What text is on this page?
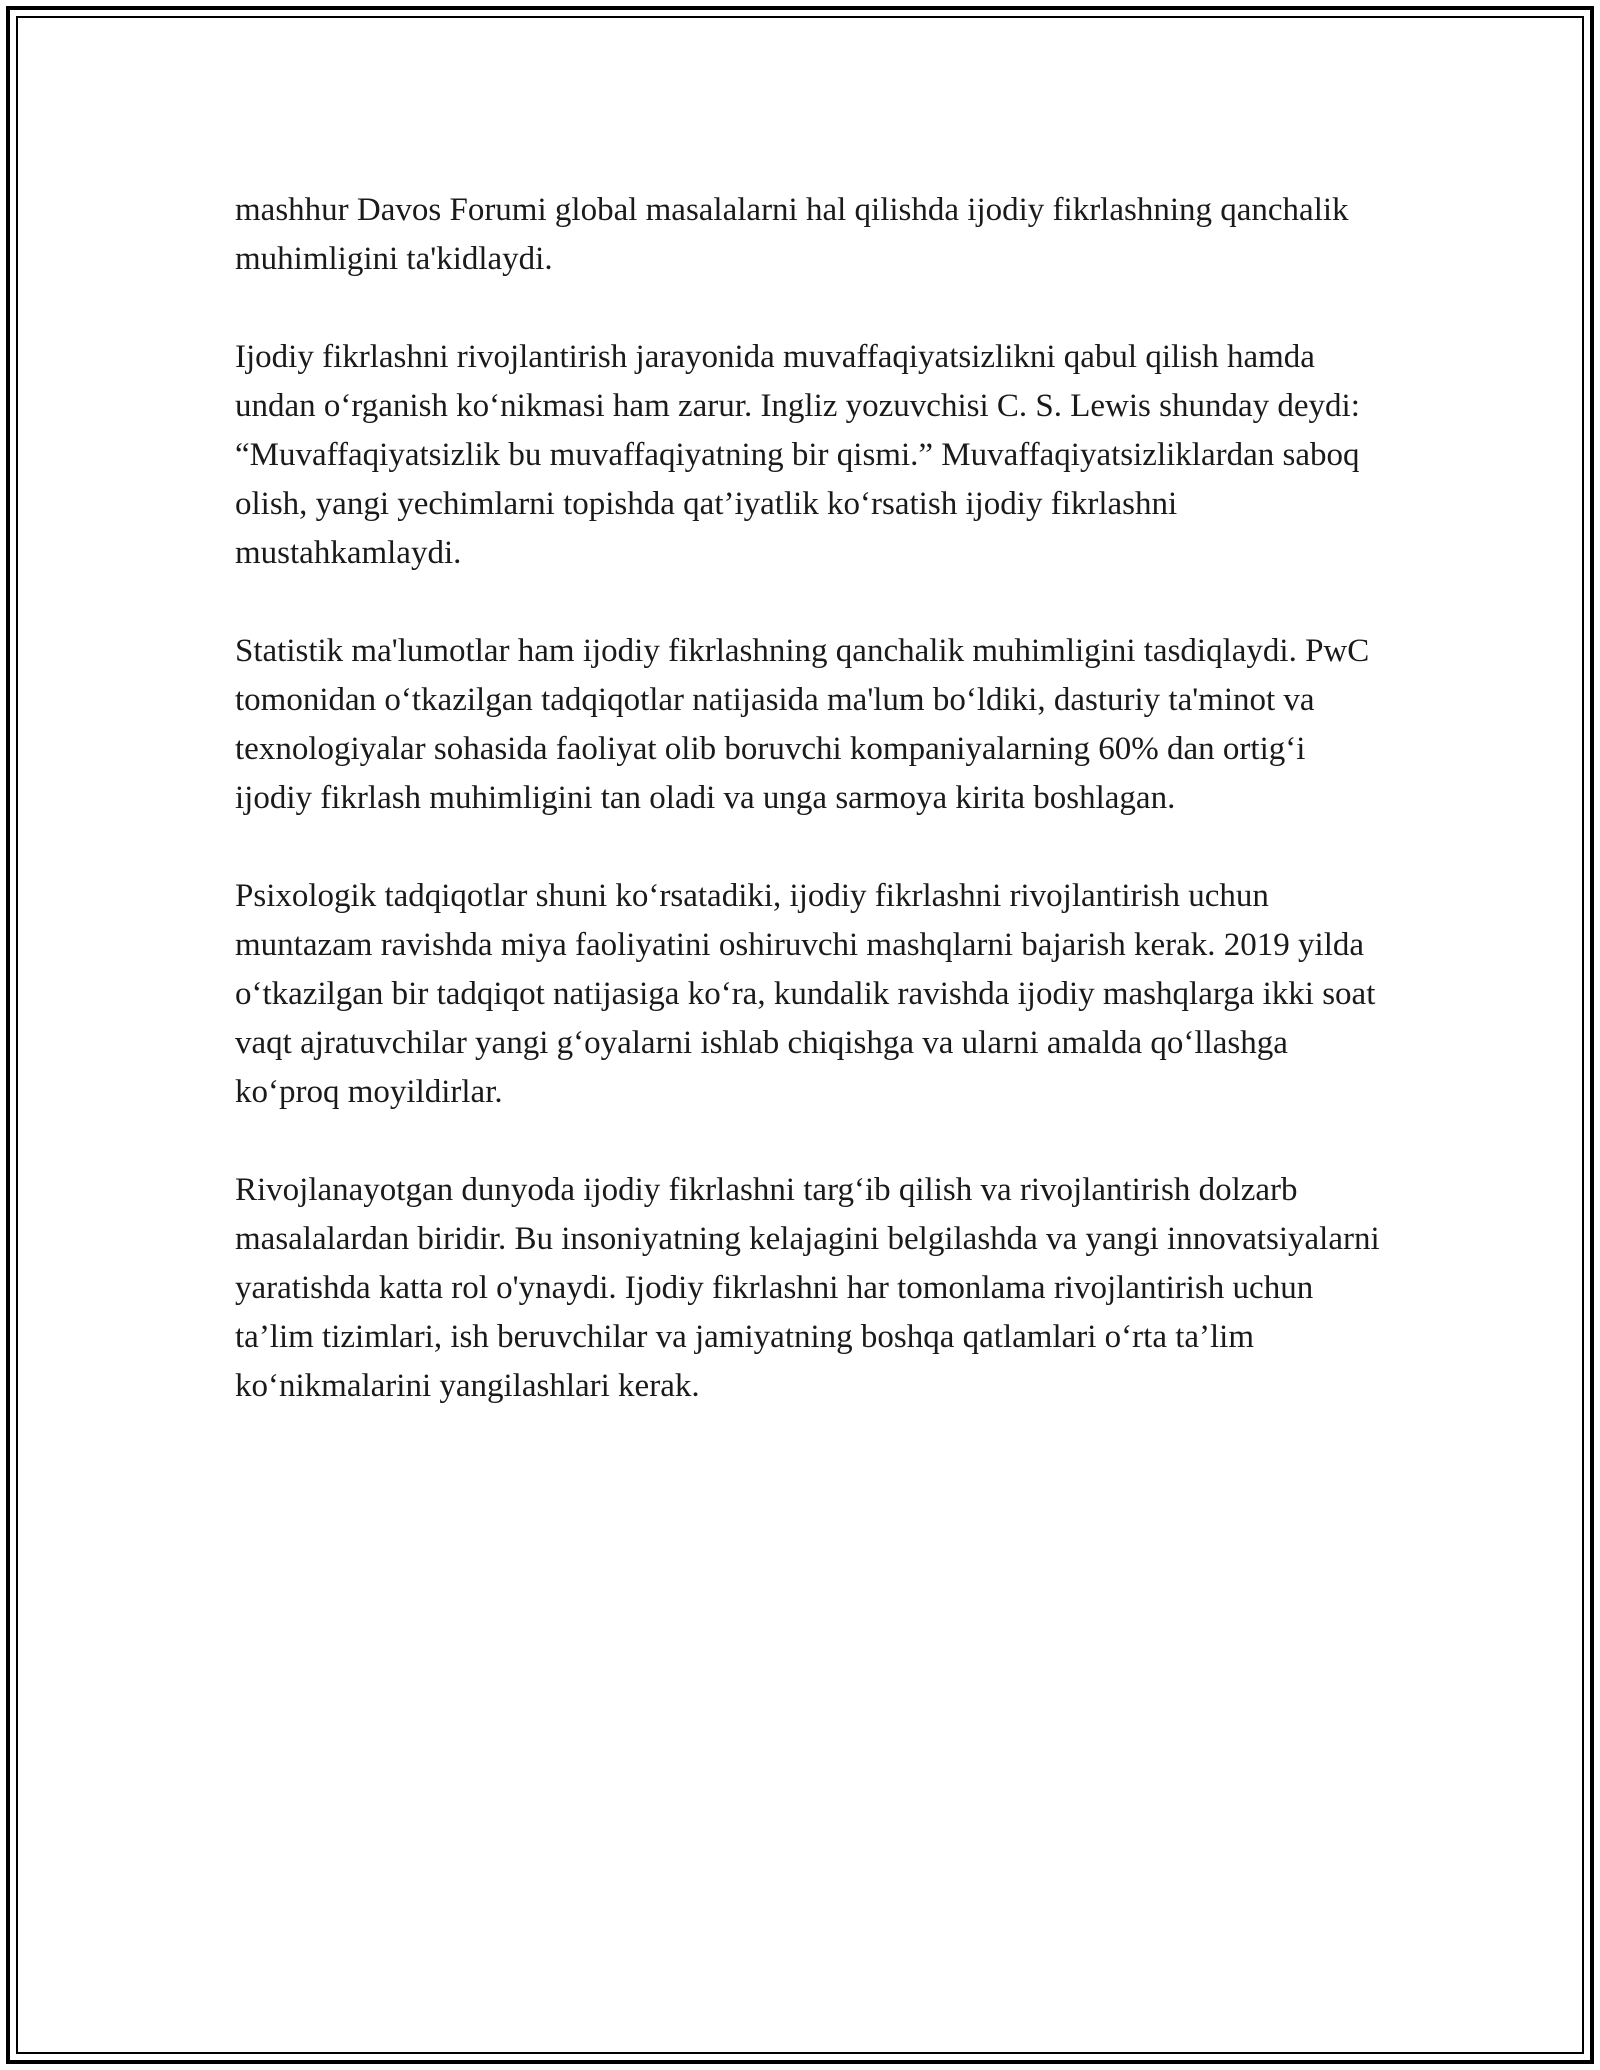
mashhur Davos Forumi global masalalarni hal qilishda ijodiy fikrlashning qanchalik muhimligini ta'kidlaydi.

Ijodiy fikrlashni rivojlantirish jarayonida muvaffaqiyatsizlikni qabul qilish hamda undan o‘rganish ko‘nikmasi ham zarur. Ingliz yozuvchisi C. S. Lewis shunday deydi: “Muvaffaqiyatsizlik bu muvaffaqiyatning bir qismi.” Muvaffaqiyatsizliklardan saboq olish, yangi yechimlarni topishda qat’iyatlik ko‘rsatish ijodiy fikrlashni mustahkamlaydi.

Statistik ma'lumotlar ham ijodiy fikrlashning qanchalik muhimligini tasdiqlaydi. PwC tomonidan o‘tkazilgan tadqiqotlar natijasida ma'lum bo‘ldiki, dasturiy ta'minot va texnologiyalar sohasida faoliyat olib boruvchi kompaniyalarning 60% dan ortig‘i ijodiy fikrlash muhimligini tan oladi va unga sarmoya kirita boshlagan.

Psixologik tadqiqotlar shuni ko‘rsatadiki, ijodiy fikrlashni rivojlantirish uchun muntazam ravishda miya faoliyatini oshiruvchi mashqlarni bajarish kerak. 2019 yilda o‘tkazilgan bir tadqiqot natijasiga ko‘ra, kundalik ravishda ijodiy mashqlarga ikki soat vaqt ajratuvchilar yangi g‘oyalarni ishlab chiqishga va ularni amalda qo‘llashga ko‘proq moyildirlar.

Rivojlanayotgan dunyoda ijodiy fikrlashni targ‘ib qilish va rivojlantirish dolzarb masalalardan biridir. Bu insoniyatning kelajagini belgilashda va yangi innovatsiyalarni yaratishda katta rol o'ynaydi. Ijodiy fikrlashni har tomonlama rivojlantirish uchun ta’lim tizimlari, ish beruvchilar va jamiyatning boshqa qatlamlari o‘rta ta’lim ko‘nikmalarini yangilashlari kerak.
